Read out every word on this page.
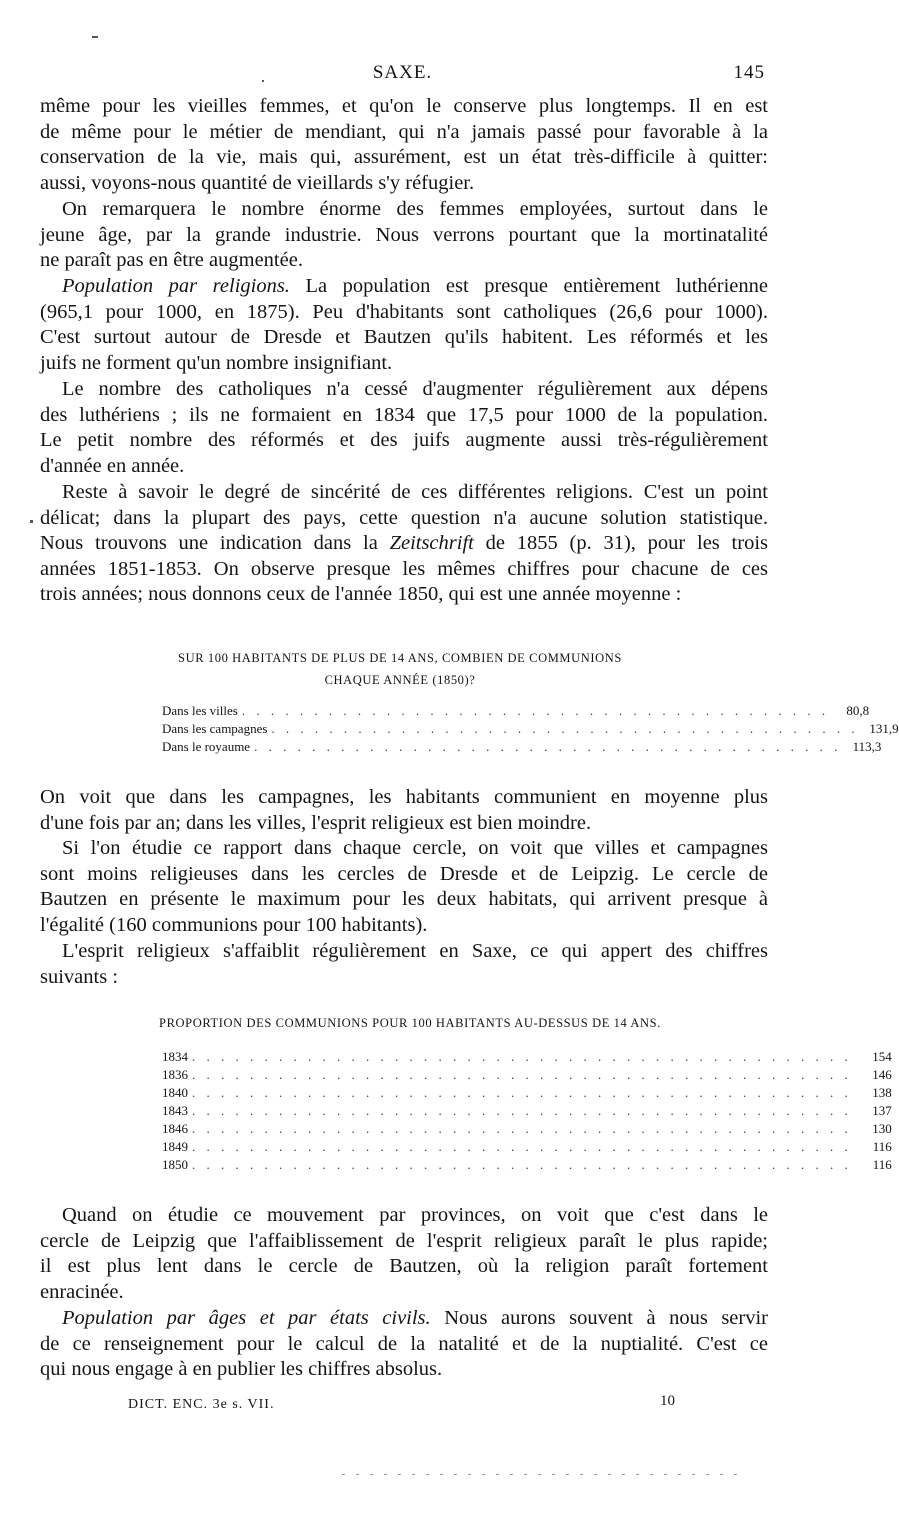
SAXE.	145

même pour les vieilles femmes, et qu'on le conserve plus longtemps. Il en est
de même pour le métier de mendiant, qui n'a jamais passé pour favorable à la
conservation de la vie, mais qui, assurément, est un état très-difficile à quitter:
aussi, voyons-nous quantité de vieillards s'y réfugier.

On remarquera le nombre énorme des femmes employées, surtout dans le
jeune âge, par la grande industrie. Nous verrons pourtant que la mortinatalité
ne paraît pas en être augmentée.

Population par religions. La population est presque entièrement luthérienne
(965,1 pour 1000, en 1875). Peu d'habitants sont catholiques (26,6 pour 1000).
C'est surtout autour de Dresde et Bautzen qu'ils habitent. Les réformés et les
juifs ne forment qu'un nombre insignifiant.

Le nombre des catholiques n'a cessé d'augmenter régulièrement aux dépens
des luthériens ; ils ne formaient en 1834 que 17,5 pour 1000 de la population.
Le petit nombre des réformés et des juifs augmente aussi très-régulièrement
d'année en année.

Reste à savoir le degré de sincérité de ces différentes religions. C'est un point
délicat; dans la plupart des pays, cette question n'a aucune solution statistique.
Nous trouvons une indication dans la Zeitschrift de 1855 (p. 31), pour les trois
années 1851-1853. On observe presque les mêmes chiffres pour chacune de ces
trois années; nous donnons ceux de l'année 1850, qui est une année moyenne :

SUR 100 HABITANTS DE PLUS DE 14 ANS, COMBIEN DE COMMUNIONS
CHAQUE ANNÉE (1850)?
Dans les villes . . . . . . . . . . . . . . . . . . . . . . . . . . . . . . . . . . . . . . . . .	80,8
Dans les campagnes . . . . . . . . . . . . . . . . . . . . . . . . . . . . . . . . . . . . . . . . . 131,9
Dans le royaume . . . . . . . . . . . . . . . . . . . . . . . . . . . . . . . . . . . . . . . . . 113,3

On voit que dans les campagnes, les habitants communient en moyenne plus
d'une fois par an; dans les villes, l'esprit religieux est bien moindre.

Si l'on étudie ce rapport dans chaque cercle, on voit que villes et campagnes
sont moins religieuses dans les cercles de Dresde et de Leipzig. Le cercle de
Bautzen en présente le maximum pour les deux habitats, qui arrivent presque à
l'égalité (160 communions pour 100 habitants).

L'esprit religieux s'affaiblit régulièrement en Saxe, ce qui appert des chiffres
suivants :

PROPORTION DES COMMUNIONS POUR 100 HABITANTS AU-DESSUS DE 14 ANS.
1834 . . . . . . . . . . . . . . . . . . . . . . . . . . . . . . . . . . . . . . . . . . . . . .	154
1836 . . . . . . . . . . . . . . . . . . . . . . . . . . . . . . . . . . . . . . . . . . . . . .	146
1840 . . . . . . . . . . . . . . . . . . . . . . . . . . . . . . . . . . . . . . . . . . . . . .	138
1843 . . . . . . . . . . . . . . . . . . . . . . . . . . . . . . . . . . . . . . . . . . . . . .	137
1846 . . . . . . . . . . . . . . . . . . . . . . . . . . . . . . . . . . . . . . . . . . . . . .	130
1849 . . . . . . . . . . . . . . . . . . . . . . . . . . . . . . . . . . . . . . . . . . . . . .	116
1850 . . . . . . . . . . . . . . . . . . . . . . . . . . . . . . . . . . . . . . . . . . . . . .	116

Quand on étudie ce mouvement par provinces, on voit que c'est dans le
cercle de Leipzig que l'affaiblissement de l'esprit religieux paraît le plus rapide;
il est plus lent dans le cercle de Bautzen, où la religion paraît fortement
enracinée.

Population par âges et par états civils. Nous aurons souvent à nous servir
de ce renseignement pour le calcul de la natalité et de la nuptialité. C'est ce
qui nous engage à en publier les chiffres absolus.

DICT. ENC. 3e s. VII.	10
